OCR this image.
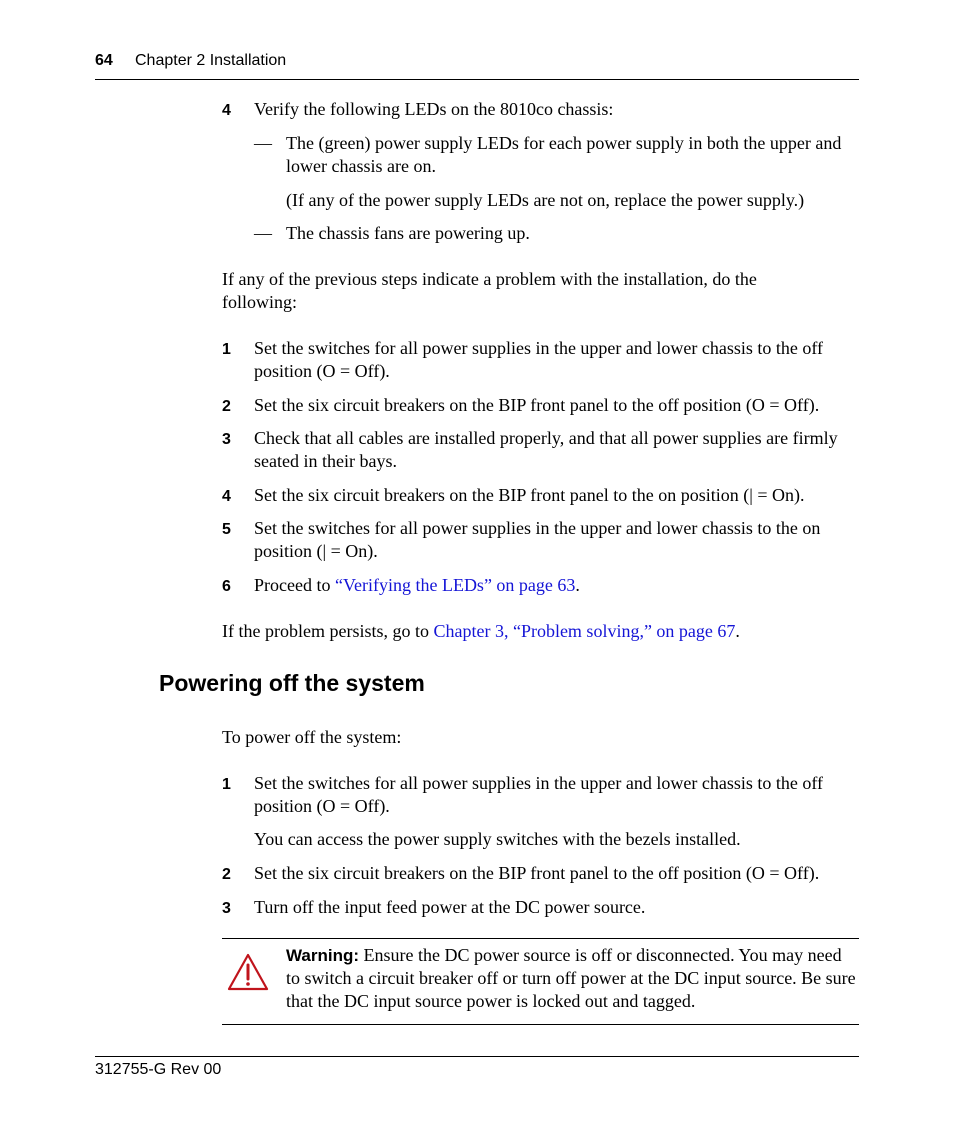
64 Chapter 2 Installation
4 Verify the following LEDs on the 8010co chassis:
— The (green) power supply LEDs for each power supply in both the upper and lower chassis are on.
(If any of the power supply LEDs are not on, replace the power supply.)
— The chassis fans are powering up.
If any of the previous steps indicate a problem with the installation, do the following:
1 Set the switches for all power supplies in the upper and lower chassis to the off position (O = Off).
2 Set the six circuit breakers on the BIP front panel to the off position (O = Off).
3 Check that all cables are installed properly, and that all power supplies are firmly seated in their bays.
4 Set the six circuit breakers on the BIP front panel to the on position (| = On).
5 Set the switches for all power supplies in the upper and lower chassis to the on position (| = On).
6 Proceed to “Verifying the LEDs” on page 63.
If the problem persists, go to Chapter 3, “Problem solving,” on page 67.
Powering off the system
To power off the system:
1 Set the switches for all power supplies in the upper and lower chassis to the off position (O = Off).
You can access the power supply switches with the bezels installed.
2 Set the six circuit breakers on the BIP front panel to the off position (O = Off).
3 Turn off the input feed power at the DC power source.
Warning: Ensure the DC power source is off or disconnected. You may need to switch a circuit breaker off or turn off power at the DC input source. Be sure that the DC input source power is locked out and tagged.
312755-G Rev 00
